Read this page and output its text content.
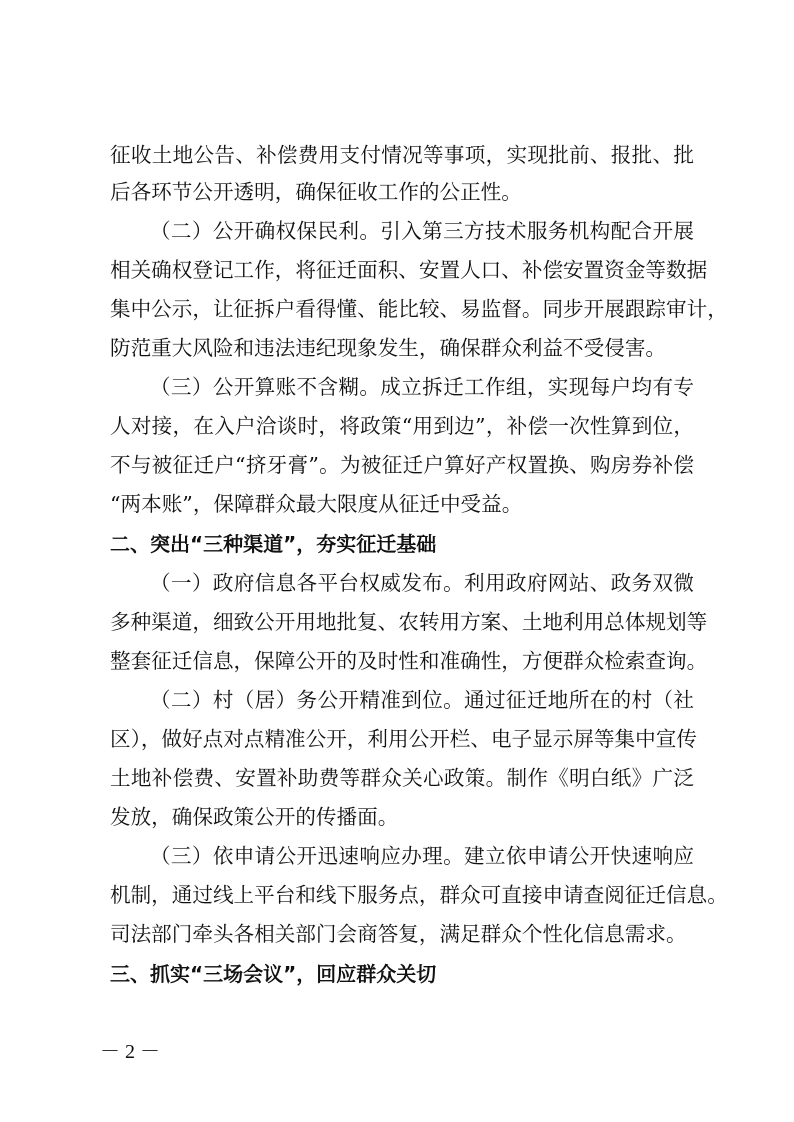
征收土地公告、补偿费用支付情况等事项，实现批前、报批、批
后各环节公开透明，确保征收工作的公正性。
（二）公开确权保民利。引入第三方技术服务机构配合开展
相关确权登记工作，将征迁面积、安置人口、补偿安置资金等数据
集中公示，让征拆户看得懂、能比较、易监督。同步开展跟踪审计，
防范重大风险和违法违纪现象发生，确保群众利益不受侵害。
（三）公开算账不含糊。成立拆迁工作组，实现每户均有专
人对接，在入户洽谈时，将政策“用到边”，补偿一次性算到位，
不与被征迁户“挤牙膏”。为被征迁户算好产权置换、购房券补偿
“两本账”，保障群众最大限度从征迁中受益。
二、突出“三种渠道”，夯实征迁基础
（一）政府信息各平台权威发布。利用政府网站、政务双微
多种渠道，细致公开用地批复、农转用方案、土地利用总体规划等
整套征迁信息，保障公开的及时性和准确性，方便群众检索查询。
（二）村（居）务公开精准到位。通过征迁地所在的村（社
区），做好点对点精准公开，利用公开栏、电子显示屏等集中宣传
土地补偿费、安置补助费等群众关心政策。制作《明白纸》广泛
发放，确保政策公开的传播面。
（三）依申请公开迅速响应办理。建立依申请公开快速响应
机制，通过线上平台和线下服务点，群众可直接申请查阅征迁信息。
司法部门牵头各相关部门会商答复，满足群众个性化信息需求。
三、抓实“三场会议”，回应群众关切
－ 2 －
